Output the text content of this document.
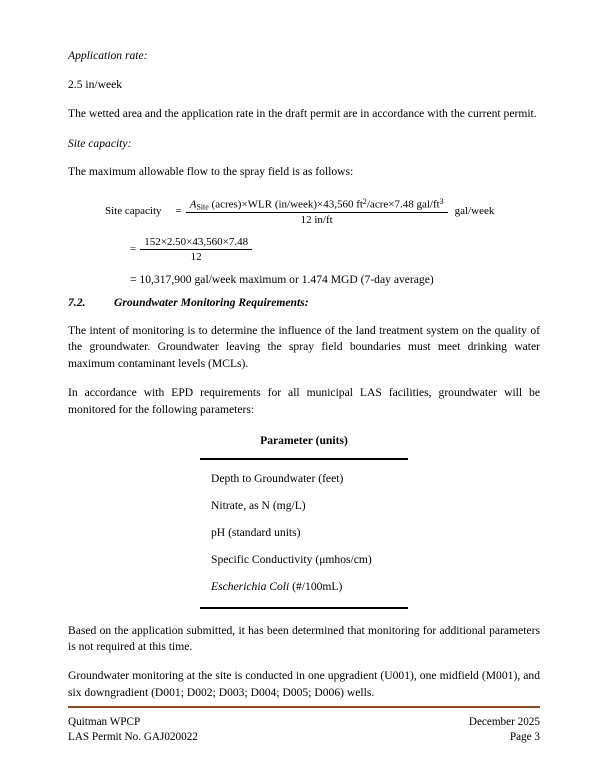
Application rate:
2.5 in/week
The wetted area and the application rate in the draft permit are in accordance with the current permit.
Site capacity:
The maximum allowable flow to the spray field is as follows:
Site capacity	= $\frac{A_{Site} (acres)\times WLR (in/week)\times 43,560 ft^2/acre\times 7.48 gal/ft^3}{12 in/ft}$ gal/week
= $\frac{152\times 2.50\times 43,560\times 7.48}{12}$
= 10,317,900 gal/week maximum or 1.474 MGD (7-day average)
7.2.	Groundwater Monitoring Requirements:
The intent of monitoring is to determine the influence of the land treatment system on the quality of the groundwater. Groundwater leaving the spray field boundaries must meet drinking water maximum contaminant levels (MCLs).
In accordance with EPD requirements for all municipal LAS facilities, groundwater will be monitored for the following parameters:
Parameter (units)
Depth to Groundwater (feet)
Nitrate, as N (mg/L)
pH (standard units)
Specific Conductivity (μmhos/cm)
Escherichia Coli (#/100mL)
Based on the application submitted, it has been determined that monitoring for additional parameters is not required at this time.
Groundwater monitoring at the site is conducted in one upgradient (U001), one midfield (M001), and six downgradient (D001; D002; D003; D004; D005; D006) wells.
Quitman WPCP
LAS Permit No. GAJ020022
December 2025
Page 3
